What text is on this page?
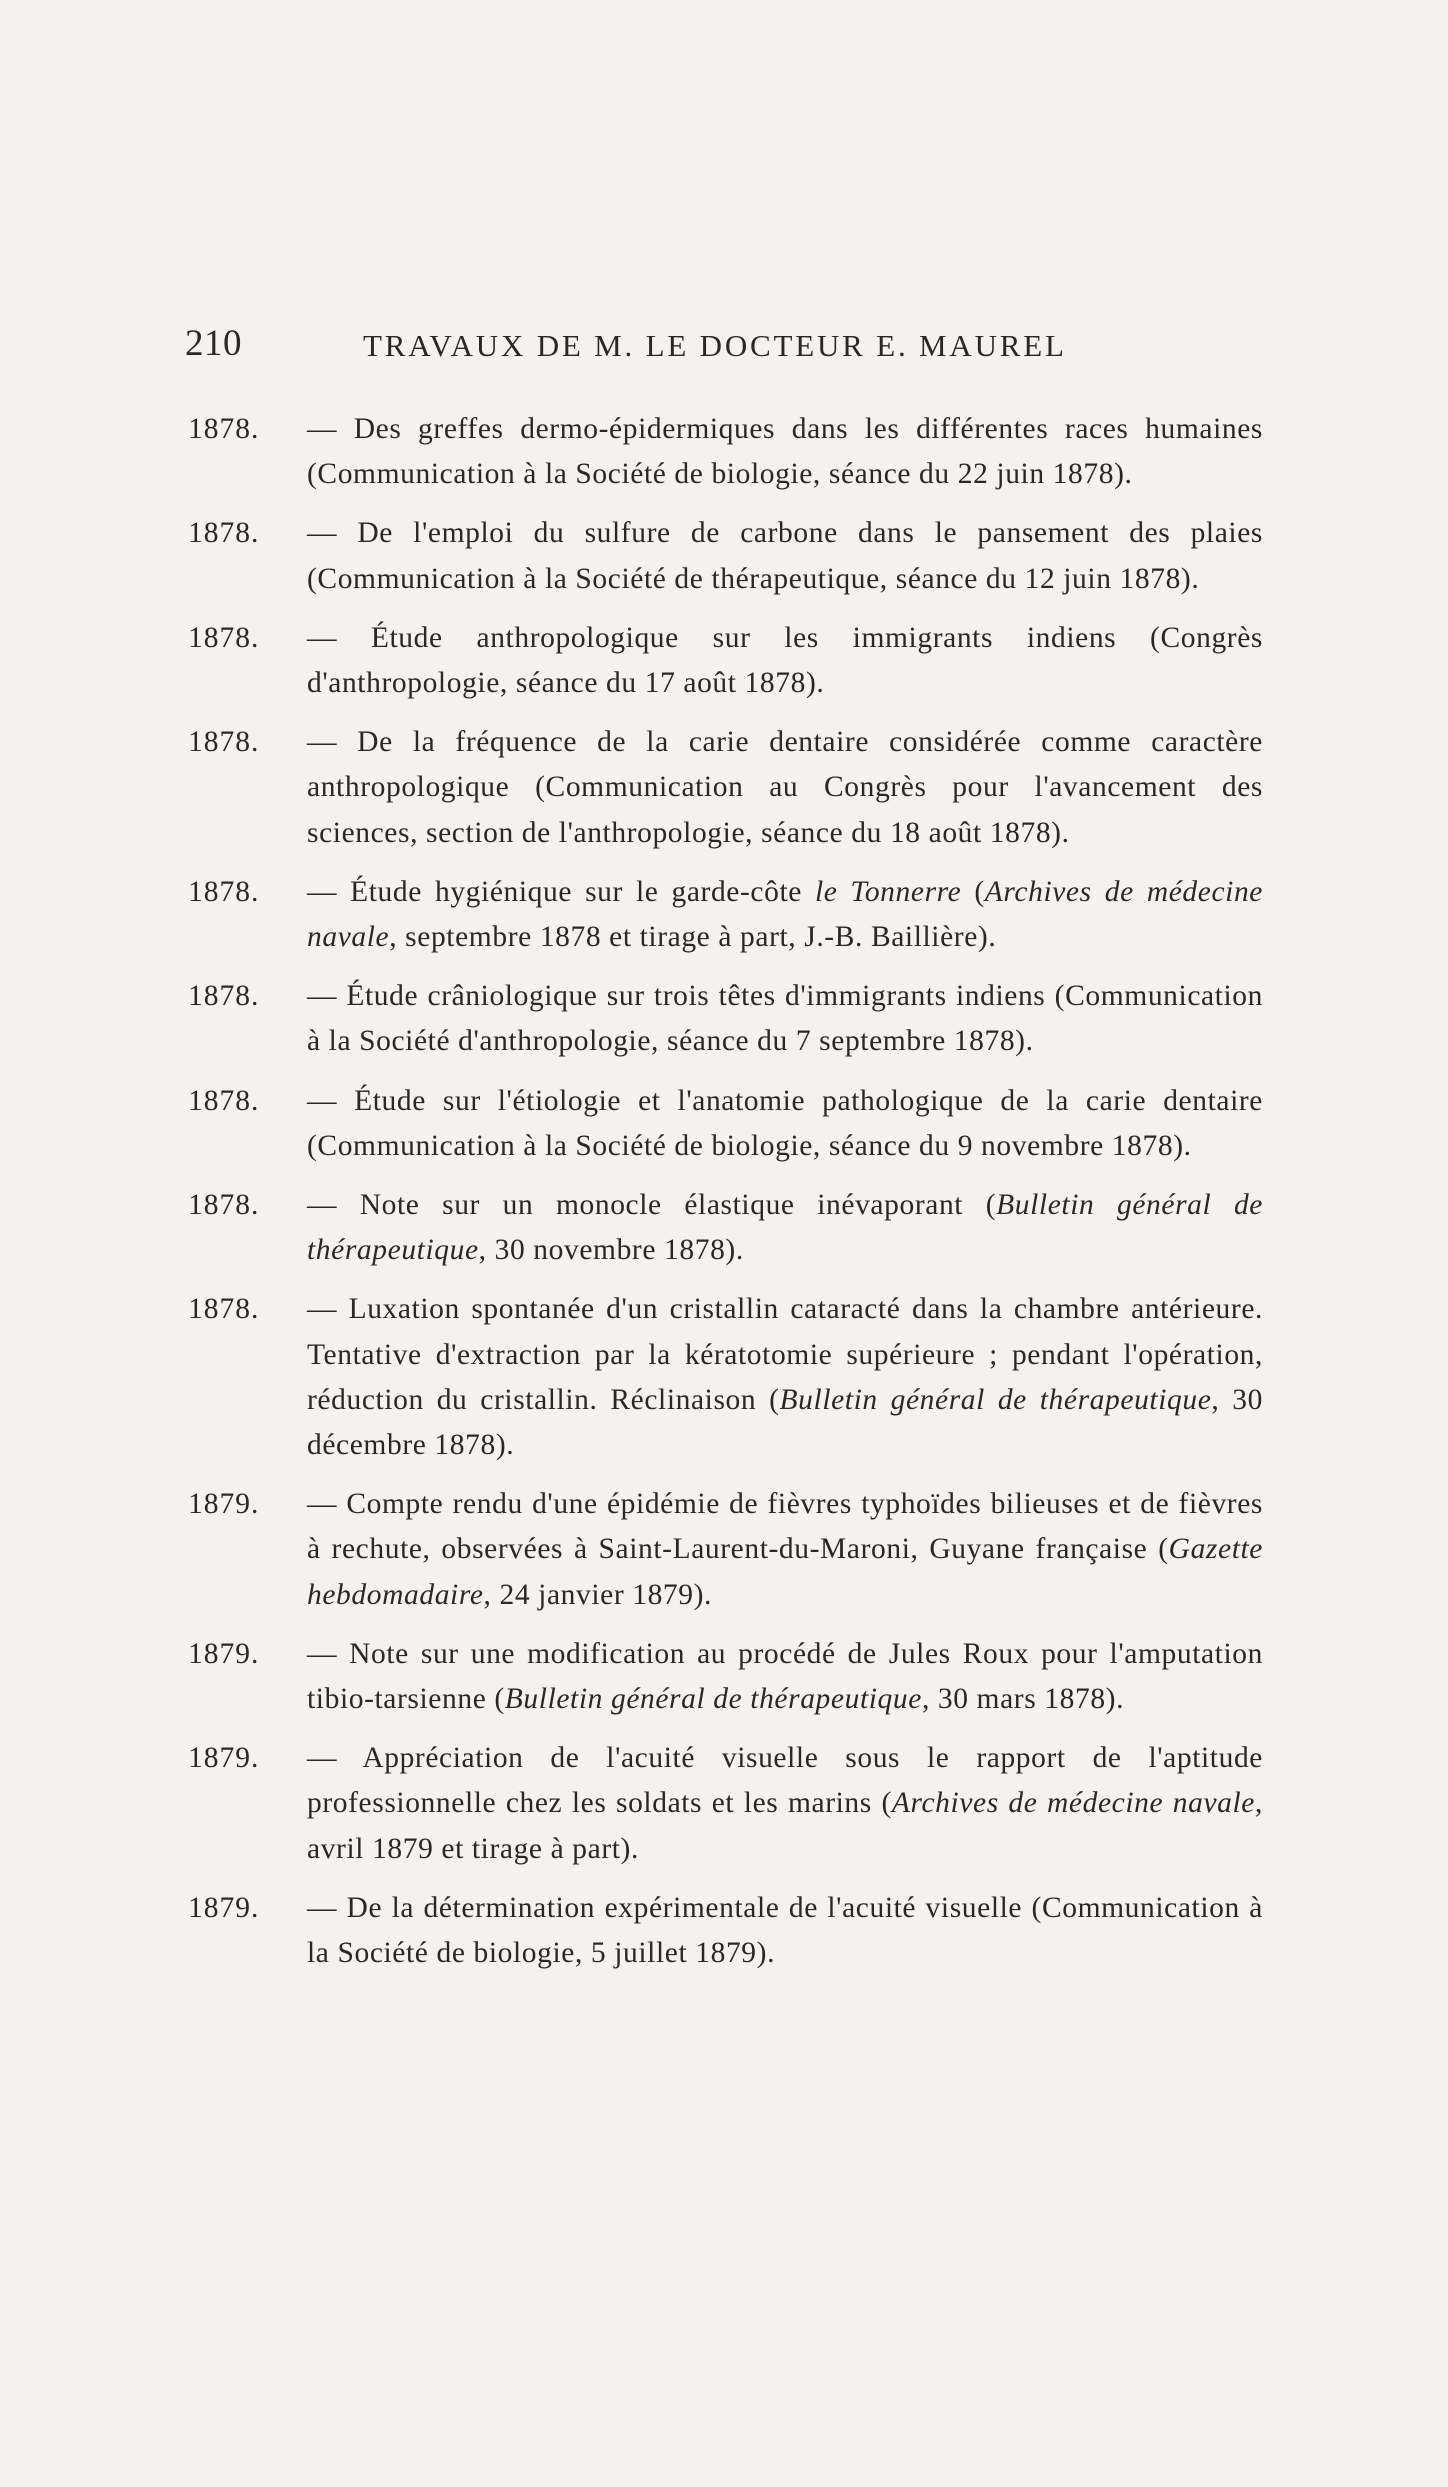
210	TRAVAUX DE M. LE DOCTEUR E. MAUREL
1878. — Des greffes dermo-épidermiques dans les différentes races humaines (Communication à la Société de biologie, séance du 22 juin 1878).
1878. — De l'emploi du sulfure de carbone dans le pansement des plaies (Communication à la Société de thérapeutique, séance du 12 juin 1878).
1878. — Étude anthropologique sur les immigrants indiens (Congrès d'anthropologie, séance du 17 août 1878).
1878. — De la fréquence de la carie dentaire considérée comme caractère anthropologique (Communication au Congrès pour l'avancement des sciences, section de l'anthropologie, séance du 18 août 1878).
1878. — Étude hygiénique sur le garde-côte le Tonnerre (Archives de médecine navale, septembre 1878 et tirage à part, J.-B. Baillière).
1878. — Étude crâniologique sur trois têtes d'immigrants indiens (Communication à la Société d'anthropologie, séance du 7 septembre 1878).
1878. — Étude sur l'étiologie et l'anatomie pathologique de la carie dentaire (Communication à la Société de biologie, séance du 9 novembre 1878).
1878. — Note sur un monocle élastique inévaporant (Bulletin général de thérapeutique, 30 novembre 1878).
1878. — Luxation spontanée d'un cristallin cataracté dans la chambre antérieure. Tentative d'extraction par la kératotomie supérieure ; pendant l'opération, réduction du cristallin. Réclinaison (Bulletin général de thérapeutique, 30 décembre 1878).
1879. — Compte rendu d'une épidémie de fièvres typhoïdes bilieuses et de fièvres à rechute, observées à Saint-Laurent-du-Maroni, Guyane française (Gazette hebdomadaire, 24 janvier 1879).
1879. — Note sur une modification au procédé de Jules Roux pour l'amputation tibio-tarsienne (Bulletin général de thérapeutique, 30 mars 1878).
1879. — Appréciation de l'acuité visuelle sous le rapport de l'aptitude professionnelle chez les soldats et les marins (Archives de médecine navale, avril 1879 et tirage à part).
1879. — De la détermination expérimentale de l'acuité visuelle (Communication à la Société de biologie, 5 juillet 1879).
